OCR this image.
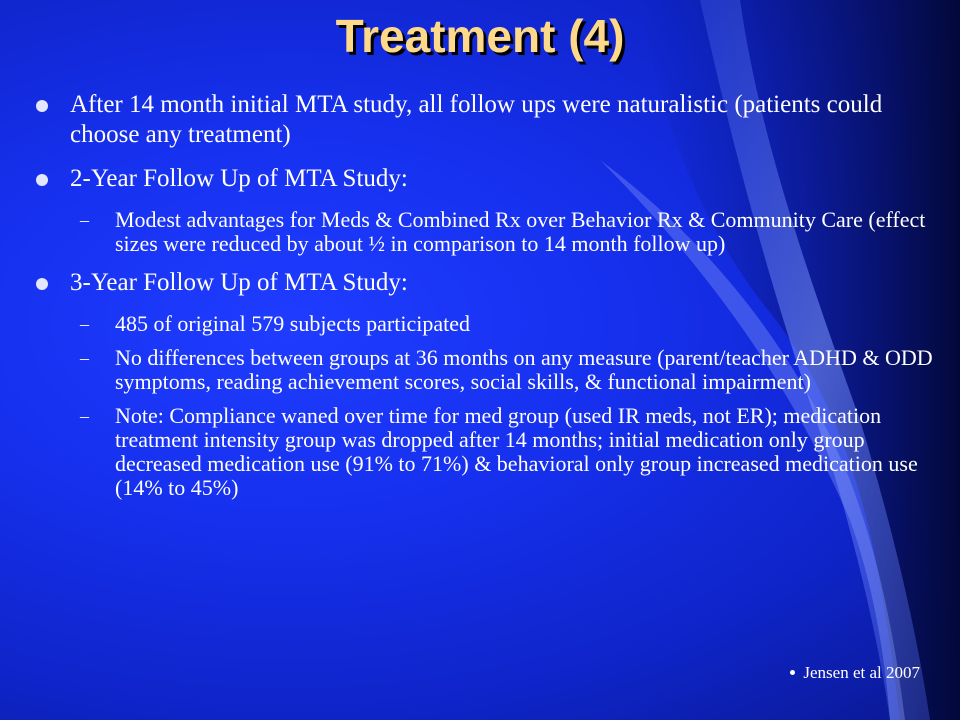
Treatment (4)
After 14 month initial MTA study, all follow ups were naturalistic (patients could choose any treatment)
2-Year Follow Up of MTA Study:
– Modest advantages for Meds & Combined Rx over Behavior Rx & Community Care (effect sizes were reduced by about ½ in comparison to 14 month follow up)
3-Year Follow Up of MTA Study:
– 485 of original 579 subjects participated
– No differences between groups at 36 months on any measure (parent/teacher ADHD & ODD symptoms, reading achievement scores, social skills, & functional impairment)
– Note: Compliance waned over time for med group (used IR meds, not ER); medication treatment intensity group was dropped after 14 months; initial medication only group decreased medication use (91% to 71%) & behavioral only group increased medication use (14% to 45%)
Jensen et al 2007
